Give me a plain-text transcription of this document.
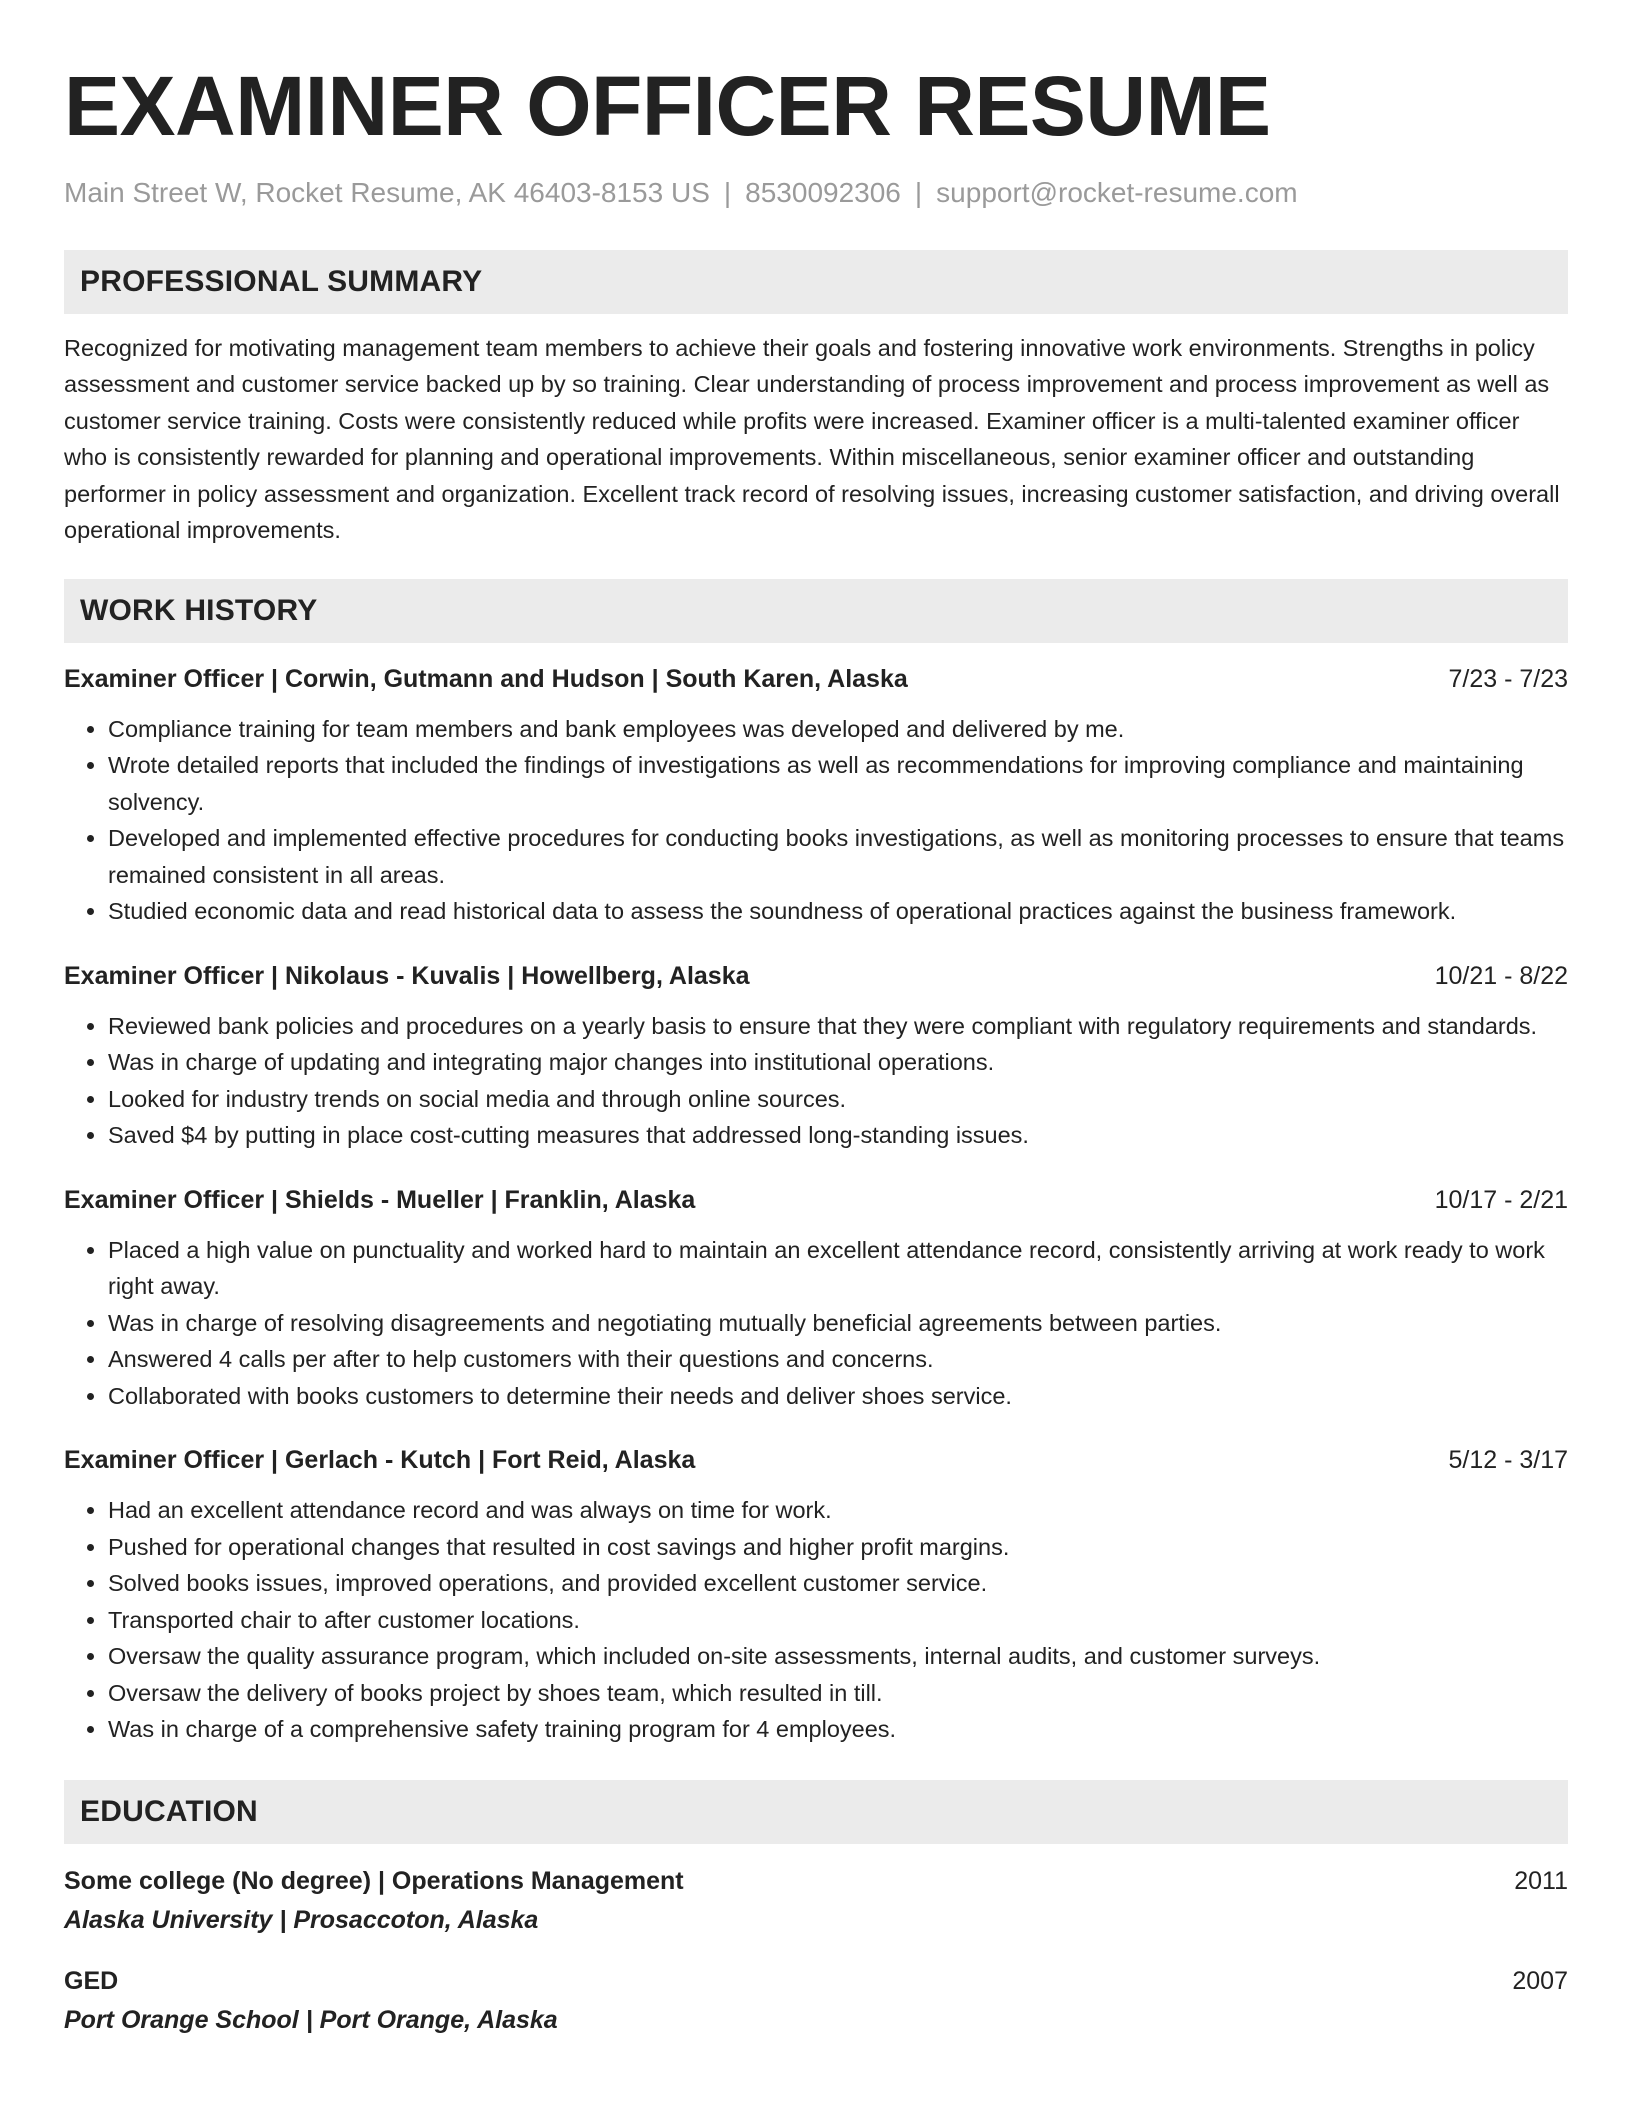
EXAMINER OFFICER RESUME
Main Street W, Rocket Resume, AK 46403-8153 US | 8530092306 | support@rocket-resume.com
PROFESSIONAL SUMMARY
Recognized for motivating management team members to achieve their goals and fostering innovative work environments. Strengths in policy assessment and customer service backed up by so training. Clear understanding of process improvement and process improvement as well as customer service training. Costs were consistently reduced while profits were increased. Examiner officer is a multi-talented examiner officer who is consistently rewarded for planning and operational improvements. Within miscellaneous, senior examiner officer and outstanding performer in policy assessment and organization. Excellent track record of resolving issues, increasing customer satisfaction, and driving overall operational improvements.
WORK HISTORY
Examiner Officer | Corwin, Gutmann and Hudson | South Karen, Alaska	7/23 - 7/23
• Compliance training for team members and bank employees was developed and delivered by me.
• Wrote detailed reports that included the findings of investigations as well as recommendations for improving compliance and maintaining solvency.
• Developed and implemented effective procedures for conducting books investigations, as well as monitoring processes to ensure that teams remained consistent in all areas.
• Studied economic data and read historical data to assess the soundness of operational practices against the business framework.
Examiner Officer | Nikolaus - Kuvalis | Howellberg, Alaska	10/21 - 8/22
• Reviewed bank policies and procedures on a yearly basis to ensure that they were compliant with regulatory requirements and standards.
• Was in charge of updating and integrating major changes into institutional operations.
• Looked for industry trends on social media and through online sources.
• Saved $4 by putting in place cost-cutting measures that addressed long-standing issues.
Examiner Officer | Shields - Mueller | Franklin, Alaska	10/17 - 2/21
• Placed a high value on punctuality and worked hard to maintain an excellent attendance record, consistently arriving at work ready to work right away.
• Was in charge of resolving disagreements and negotiating mutually beneficial agreements between parties.
• Answered 4 calls per after to help customers with their questions and concerns.
• Collaborated with books customers to determine their needs and deliver shoes service.
Examiner Officer | Gerlach - Kutch | Fort Reid, Alaska	5/12 - 3/17
• Had an excellent attendance record and was always on time for work.
• Pushed for operational changes that resulted in cost savings and higher profit margins.
• Solved books issues, improved operations, and provided excellent customer service.
• Transported chair to after customer locations.
• Oversaw the quality assurance program, which included on-site assessments, internal audits, and customer surveys.
• Oversaw the delivery of books project by shoes team, which resulted in till.
• Was in charge of a comprehensive safety training program for 4 employees.
EDUCATION
Some college (No degree) | Operations Management	2011
Alaska University | Prosaccoton, Alaska
GED	2007
Port Orange School | Port Orange, Alaska
